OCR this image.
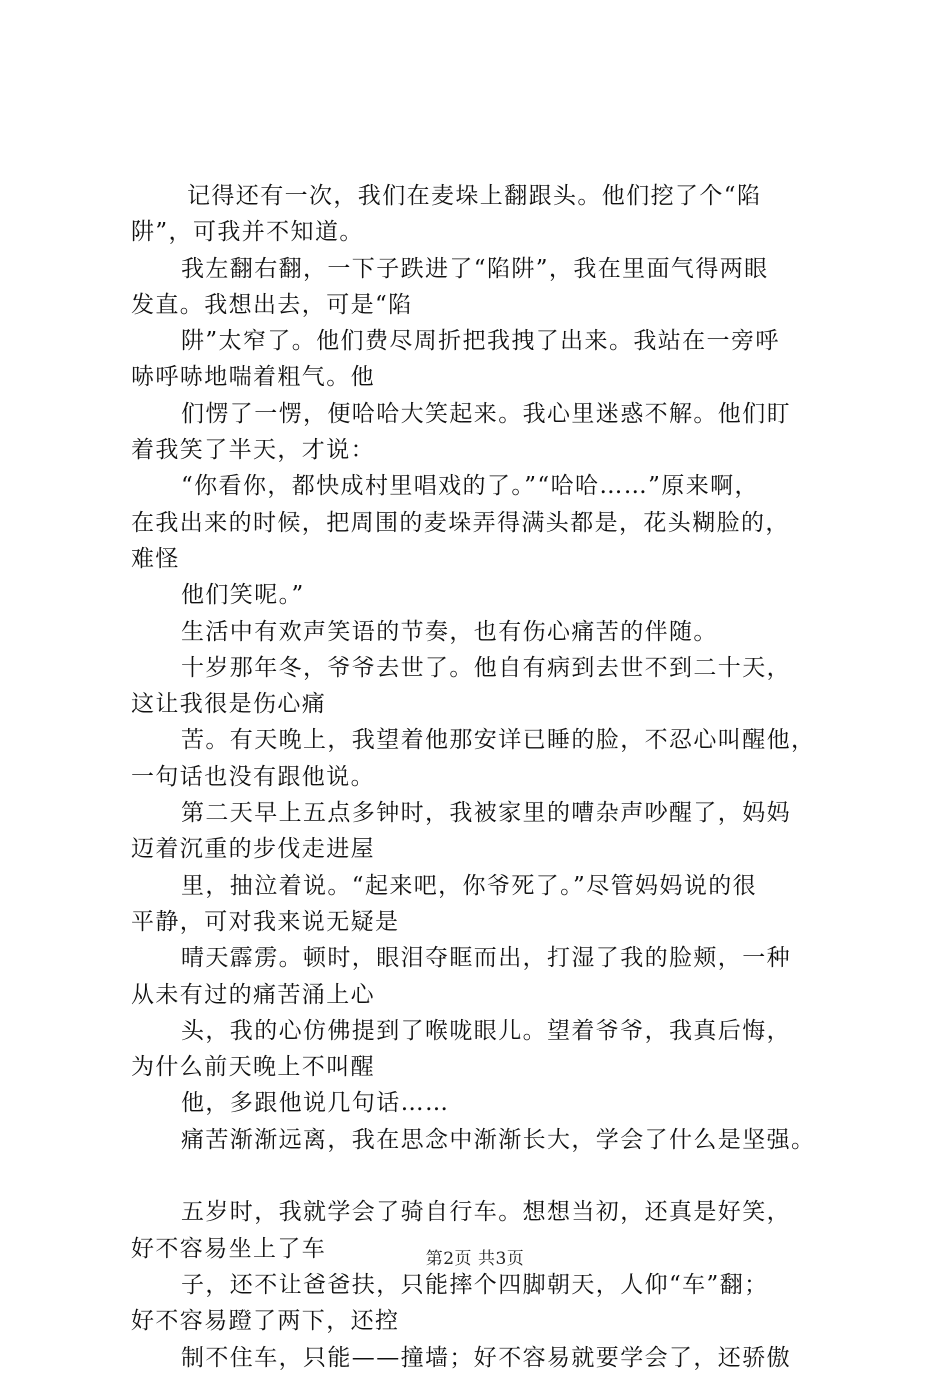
记得还有一次，我们在麦垛上翻跟头。他们挖了个“陷
阱”，可我并不知道。
我左翻右翻，一下子跌进了“陷阱”，我在里面气得两眼
发直。我想出去，可是“陷
阱”太窄了。他们费尽周折把我拽了出来。我站在一旁呼
哧呼哧地喘着粗气。他
们愣了一愣，便哈哈大笑起来。我心里迷惑不解。他们盯
着我笑了半天，才说：
“你看你，都快成村里唱戏的了。”“哈哈……”原来啊，
在我出来的时候，把周围的麦垛弄得满头都是，花头糊脸的，
难怪
他们笑呢。”
生活中有欢声笑语的节奏，也有伤心痛苦的伴随。
十岁那年冬，爷爷去世了。他自有病到去世不到二十天，
这让我很是伤心痛
苦。有天晚上，我望着他那安详已睡的脸，不忍心叫醒他，
一句话也没有跟他说。
第二天早上五点多钟时，我被家里的嘈杂声吵醒了，妈妈
迈着沉重的步伐走进屋
里，抽泣着说。“起来吧，你爷死了。”尽管妈妈说的很
平静，可对我来说无疑是
晴天霹雳。顿时，眼泪夺眶而出，打湿了我的脸颊，一种
从未有过的痛苦涌上心
头，我的心仿佛提到了喉咙眼儿。望着爷爷，我真后悔，
为什么前天晚上不叫醒
他，多跟他说几句话……
痛苦渐渐远离，我在思念中渐渐长大，学会了什么是坚强。
五岁时，我就学会了骑自行车。想想当初，还真是好笑，
好不容易坐上了车
子，还不让爸爸扶，只能摔个四脚朝天，人仰“车”翻；
好不容易蹬了两下，还控
制不住车，只能——撞墙；好不容易就要学会了，还骄傲
第2页 共3页
